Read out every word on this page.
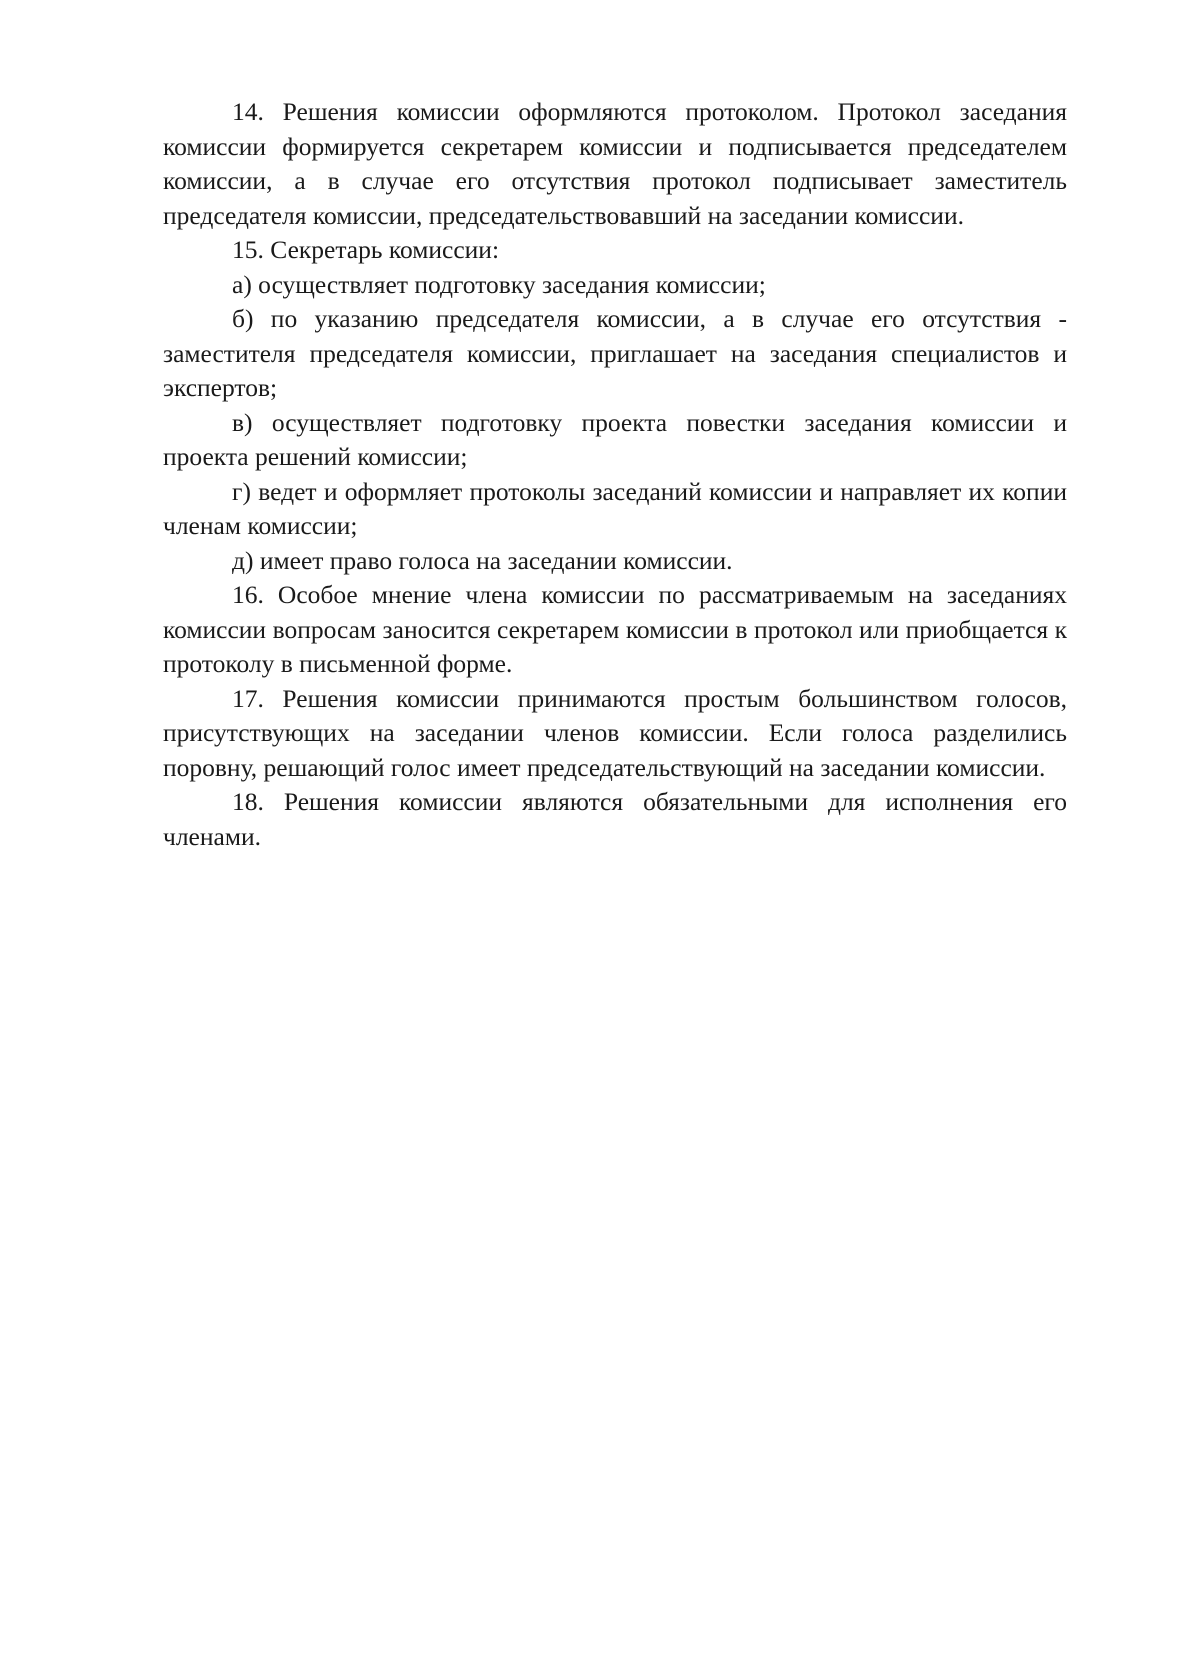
14. Решения комиссии оформляются протоколом. Протокол заседания комиссии формируется секретарем комиссии и подписывается председателем комиссии, а в случае его отсутствия протокол подписывает заместитель председателя комиссии, председательствовавший на заседании комиссии.

15. Секретарь комиссии:

а) осуществляет подготовку заседания комиссии;

б) по указанию председателя комиссии, а в случае его отсутствия - заместителя председателя комиссии, приглашает на заседания специалистов и экспертов;

в) осуществляет подготовку проекта повестки заседания комиссии и проекта решений комиссии;

г) ведет и оформляет протоколы заседаний комиссии и направляет их копии членам комиссии;

д) имеет право голоса на заседании комиссии.

16. Особое мнение члена комиссии по рассматриваемым на заседаниях комиссии вопросам заносится секретарем комиссии в протокол или приобщается к протоколу в письменной форме.

17. Решения комиссии принимаются простым большинством голосов, присутствующих на заседании членов комиссии. Если голоса разделились поровну, решающий голос имеет председательствующий на заседании комиссии.

18. Решения комиссии являются обязательными для исполнения его членами.
